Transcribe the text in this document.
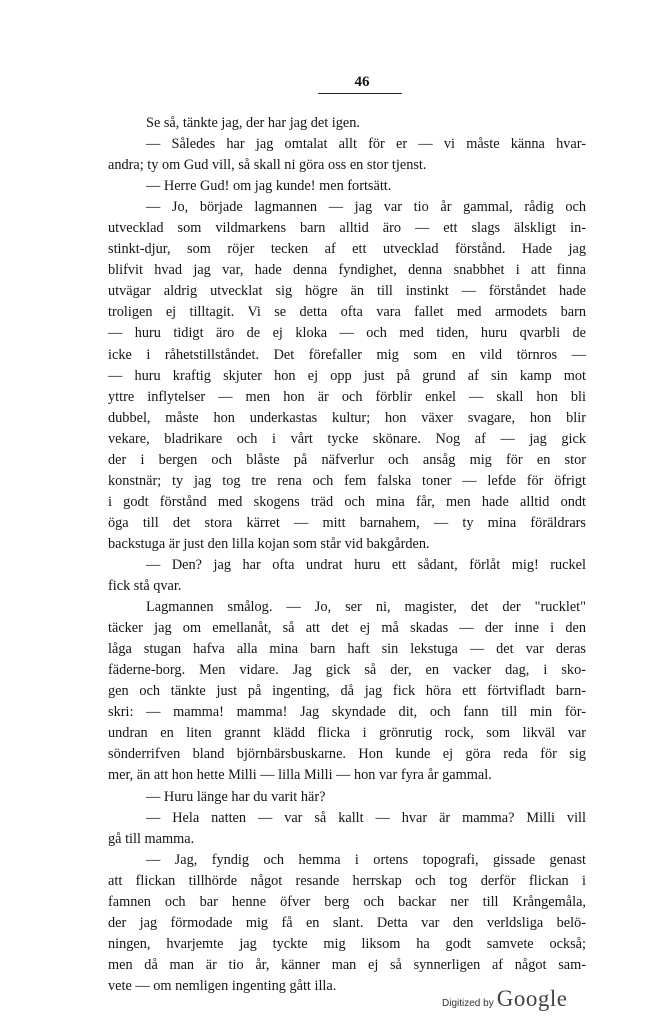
46
Se så, tänkte jag, der har jag det igen.
— Således har jag omtalat allt för er — vi måste känna hvar-
andra; ty om Gud vill, så skall ni göra oss en stor tjenst.
— Herre Gud! om jag kunde! men fortsätt.
— Jo, började lagmannen — jag var tio år gammal, rådig och
utvecklad som vildmarkens barn alltid äro — ett slags älskligt in-
stinkt-djur, som röjer tecken af ett utvecklad förstånd. Hade jag
blifvit hvad jag var, hade denna fyndighet, denna snabbhet i att finna
utvägar aldrig utvecklat sig högre än till instinkt — förståndet hade
troligen ej tilltagit. Vi se detta ofta vara fallet med armodets barn
— huru tidigt äro de ej kloka — och med tiden, huru qvarbli de
icke i råhetstillståndet. Det förefaller mig som en vild törnros —
— huru kraftig skjuter hon ej opp just på grund af sin kamp mot
yttre inflytelser — men hon är och förblir enkel — skall hon bli
dubbel, måste hon underkastas kultur; hon växer svagare, hon blir
vekare, bladrikare och i vårt tycke skönare. Nog af — jag gick
der i bergen och blåste på näfverlur och ansåg mig för en stor
konstnär; ty jag tog tre rena och fem falska toner — lefde för öfrigt
i godt förstånd med skogens träd och mina får, men hade alltid ondt
öga till det stora kärret — mitt barnahem, — ty mina föräldrars
backstuga är just den lilla kojan som står vid bakgården.
— Den? jag har ofta undrat huru ett sådant, förlåt mig! ruckel
fick stå qvar.
Lagmannen smålog. — Jo, ser ni, magister, det der "rucklet"
täcker jag om emellanåt, så att det ej må skadas — der inne i den
låga stugan hafva alla mina barn haft sin lekstuga — det var deras
fäderne-borg. Men vidare. Jag gick så der, en vacker dag, i sko-
gen och tänkte just på ingenting, då jag fick höra ett förtvifladt barn-
skri: — mamma! mamma! Jag skyndade dit, och fann till min för-
undran en liten grannt klädd flicka i grönrutig rock, som likväl var
sönderrifven bland björnbärsbuskarne. Hon kunde ej göra reda för sig
mer, än att hon hette Milli — lilla Milli — hon var fyra år gammal.
— Huru länge har du varit här?
— Hela natten — var så kallt — hvar är mamma? Milli vill
gå till mamma.
— Jag, fyndig och hemma i ortens topografi, gissade genast
att flickan tillhörde något resande herrskap och tog derför flickan i
famnen och bar henne öfver berg och backar ner till Krångemåla,
der jag förmodade mig få en slant. Detta var den verldsliga belö-
ningen, hvarjemte jag tyckte mig liksom ha godt samvete också;
men då man är tio år, känner man ej så synnerligen af något sam-
vete — om nemligen ingenting gått illa.
Digitized by Google
